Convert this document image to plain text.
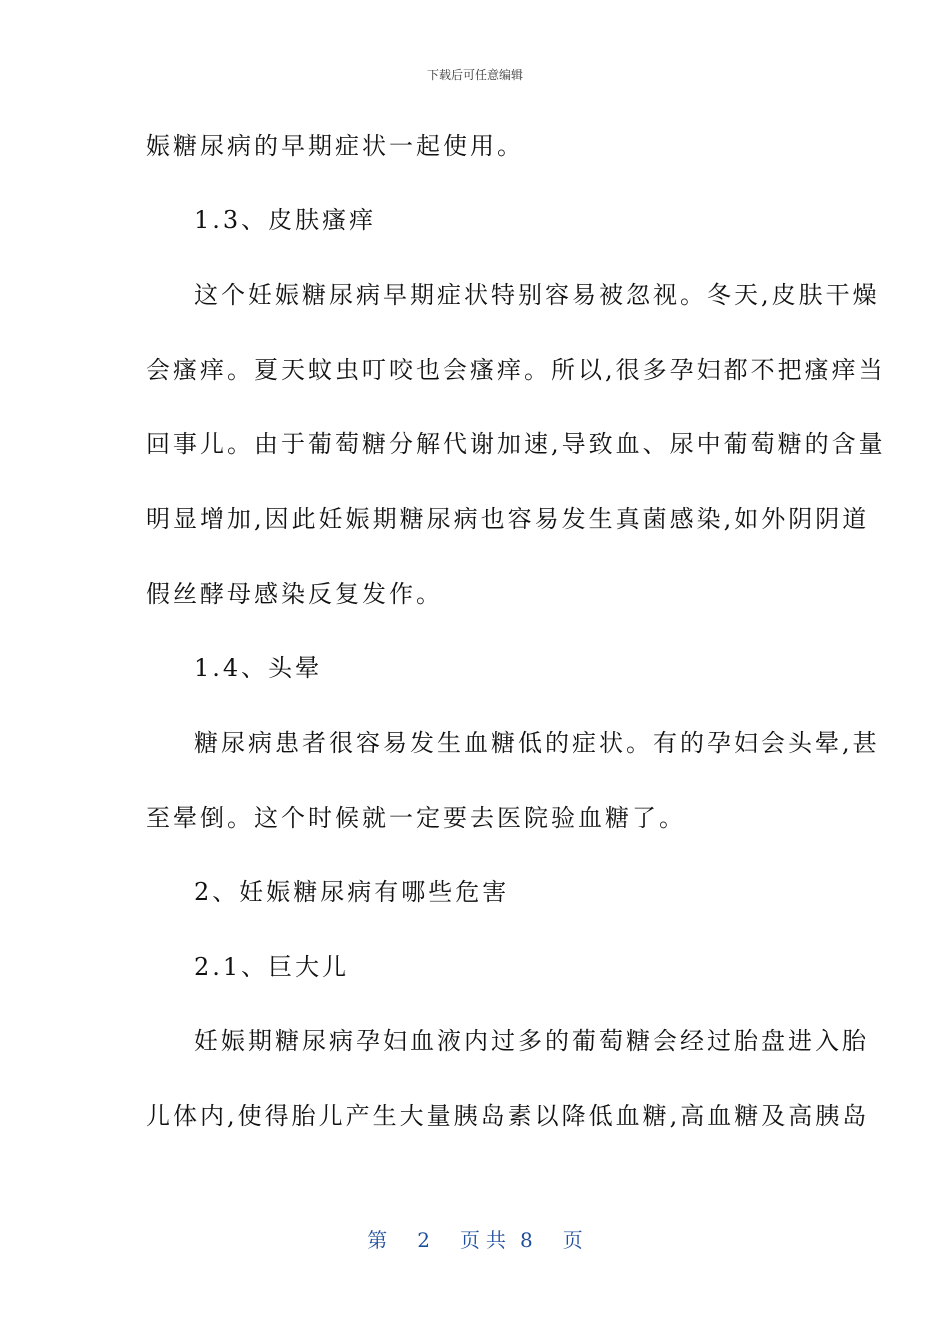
下载后可任意编辑
娠糖尿病的早期症状一起使用。
1.3、皮肤瘙痒
这个妊娠糖尿病早期症状特别容易被忽视。冬天,皮肤干燥
会瘙痒。夏天蚊虫叮咬也会瘙痒。所以,很多孕妇都不把瘙痒当
回事儿。由于葡萄糖分解代谢加速,导致血、尿中葡萄糖的含量
明显增加,因此妊娠期糖尿病也容易发生真菌感染,如外阴阴道
假丝酵母感染反复发作。
1.4、头晕
糖尿病患者很容易发生血糖低的症状。有的孕妇会头晕,甚
至晕倒。这个时候就一定要去医院验血糖了。
2、妊娠糖尿病有哪些危害
2.1、巨大儿
妊娠期糖尿病孕妇血液内过多的葡萄糖会经过胎盘进入胎
儿体内,使得胎儿产生大量胰岛素以降低血糖,高血糖及高胰岛
第 2 页共 8 页
